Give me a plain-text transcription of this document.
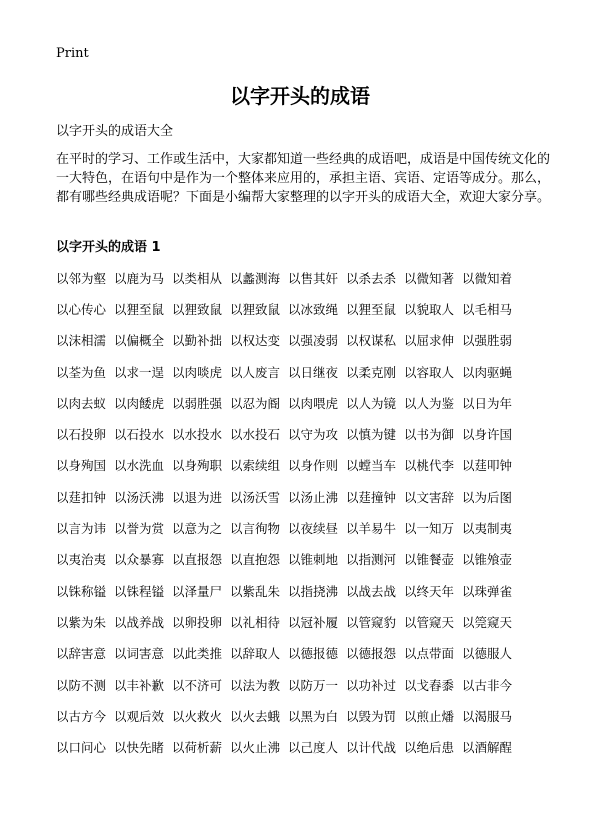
Print
以字开头的成语
以字开头的成语大全
在平时的学习、工作或生活中，大家都知道一些经典的成语吧，成语是中国传统文化的一大特色，在语句中是作为一个整体来应用的，承担主语、宾语、定语等成分。那么，都有哪些经典成语呢？下面是小编帮大家整理的以字开头的成语大全，欢迎大家分享。
以字开头的成语 1
以邻为壑 以鹿为马 以类相从 以蠡测海 以售其奸 以杀去杀 以微知著 以微知着
以心传心 以狸至鼠 以狸致鼠 以狸致鼠 以冰致绳 以狸至鼠 以貌取人 以毛相马
以沫相濡 以偏概全 以勤补拙 以权达变 以强凌弱 以权谋私 以屈求伸 以强胜弱
以荃为鱼 以求一逞 以肉啖虎 以人废言 以日继夜 以柔克刚 以容取人 以肉驱蝇
以肉去蚁 以肉餧虎 以弱胜强 以忍为阍 以肉喂虎 以人为镜 以人为鉴 以日为年
以石投卵 以石投水 以水投水 以水投石 以守为攻 以慎为键 以书为御 以身许国
以身殉国 以水洗血 以身殉职 以索续组 以身作则 以螳当车 以桃代李 以莛叩钟
以莛扣钟 以汤沃沸 以退为进 以汤沃雪 以汤止沸 以莛撞钟 以文害辞 以为后图
以言为讳 以誉为赏 以意为之 以言徇物 以夜续昼 以羊易牛 以一知万 以夷制夷
以夷治夷 以众暴寡 以直报怨 以直抱怨 以锥刺地 以指测河 以锥餐壶 以锥飧壶
以铢称镒 以铢程镒 以泽量尸 以紫乱朱 以指挠沸 以战去战 以终天年 以珠弹雀
以紫为朱 以战养战 以卵投卵 以礼相待 以冠补履 以管窥豹 以管窥天 以筦窥天
以辞害意 以词害意 以此类推 以辞取人 以德报德 以德报怨 以点带面 以德服人
以防不测 以丰补歉 以不济可 以法为教 以防万一 以功补过 以戈舂黍 以古非今
以古方今 以观后效 以火救火 以火去蛾 以黑为白 以毁为罚 以煎止燔 以渴服马
以口问心 以快先睹 以荷析薪 以火止沸 以己度人 以计代战 以绝后患 以酒解酲
